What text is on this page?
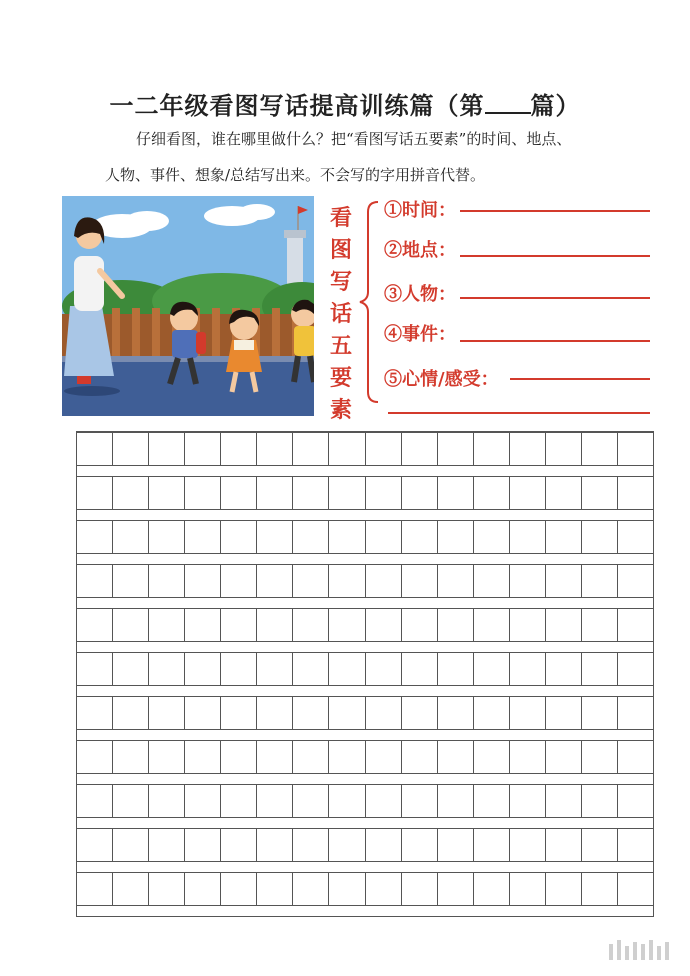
一二年级看图写话提高训练篇（第 篇）
仔细看图，谁在哪里做什么？把“看图写话五要素”的时间、地点、
人物、事件、想象/总结写出来。不会写的字用拼音代替。
看
图
写
话
五
要
素
①时间：
②地点：
③人物：
④事件：
⑤心情/感受：
